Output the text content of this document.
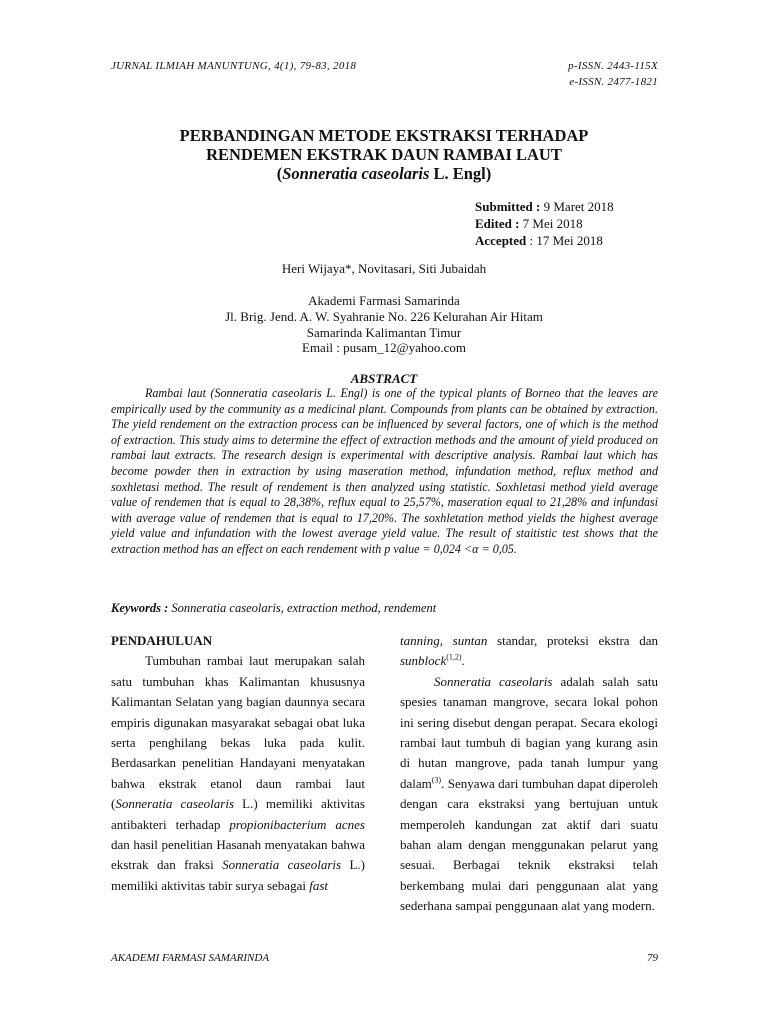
JURNAL ILMIAH MANUNTUNG, 4(1), 79-83, 2018	p-ISSN. 2443-115X
e-ISSN. 2477-1821
PERBANDINGAN METODE EKSTRAKSI TERHADAP
RENDEMEN EKSTRAK DAUN RAMBAI LAUT
(Sonneratia caseolaris L. Engl)
Submitted : 9 Maret 2018
Edited : 7 Mei 2018
Accepted : 17 Mei 2018
Heri Wijaya*, Novitasari, Siti Jubaidah
Akademi Farmasi Samarinda
Jl. Brig. Jend. A. W. Syahranie No. 226 Kelurahan Air Hitam
Samarinda Kalimantan Timur
Email : pusam_12@yahoo.com
ABSTRACT

Rambai laut (Sonneratia caseolaris L. Engl) is one of the typical plants of Borneo that the leaves are empirically used by the community as a medicinal plant. Compounds from plants can be obtained by extraction. The yield rendement on the extraction process can be influenced by several factors, one of which is the method of extraction. This study aims to determine the effect of extraction methods and the amount of yield produced on rambai laut extracts. The research design is experimental with descriptive analysis. Rambai laut which has become powder then in extraction by using maseration method, infundation method, reflux method and soxhletasi method. The result of rendement is then analyzed using statistic. Soxhletasi method yield average value of rendemen that is equal to 28,38%, reflux equal to 25,57%, maseration equal to 21,28% and infundasi with average value of rendemen that is equal to 17,20%. The soxhletation method yields the highest average yield value and infundation with the lowest average yield value. The result of staitistic test shows that the extraction method has an effect on each rendement with p value = 0,024 <α = 0,05.

Keywords : Sonneratia caseolaris, extraction method, rendement

PENDAHULUAN

Tumbuhan rambai laut merupakan salah satu tumbuhan khas Kalimantan khususnya Kalimantan Selatan yang bagian daunnya secara empiris digunakan masyarakat sebagai obat luka serta penghilang bekas luka pada kulit. Berdasarkan penelitian Handayani menyatakan bahwa ekstrak etanol daun rambai laut (Sonneratia caseolaris L.) memiliki aktivitas antibakteri terhadap propionibacterium acnes dan hasil penelitian Hasanah menyatakan bahwa ekstrak dan fraksi Sonneratia caseolaris L.) memiliki aktivitas tabir surya sebagai fast

tanning, suntan standar, proteksi ekstra dan sunblock$^{(1,2)}$.

Sonneratia caseolaris adalah salah satu spesies tanaman mangrove, secara lokal pohon ini sering disebut dengan perapat. Secara ekologi rambai laut tumbuh di bagian yang kurang asin di hutan mangrove, pada tanah lumpur yang dalam$^{(3)}$. Senyawa dari tumbuhan dapat diperoleh dengan cara ekstraksi yang bertujuan untuk memperoleh kandungan zat aktif dari suatu bahan alam dengan menggunakan pelarut yang sesuai. Berbagai teknik ekstraksi telah berkembang mulai dari penggunaan alat yang sederhana sampai penggunaan alat yang modern.

AKADEMI FARMASI SAMARINDA	79
